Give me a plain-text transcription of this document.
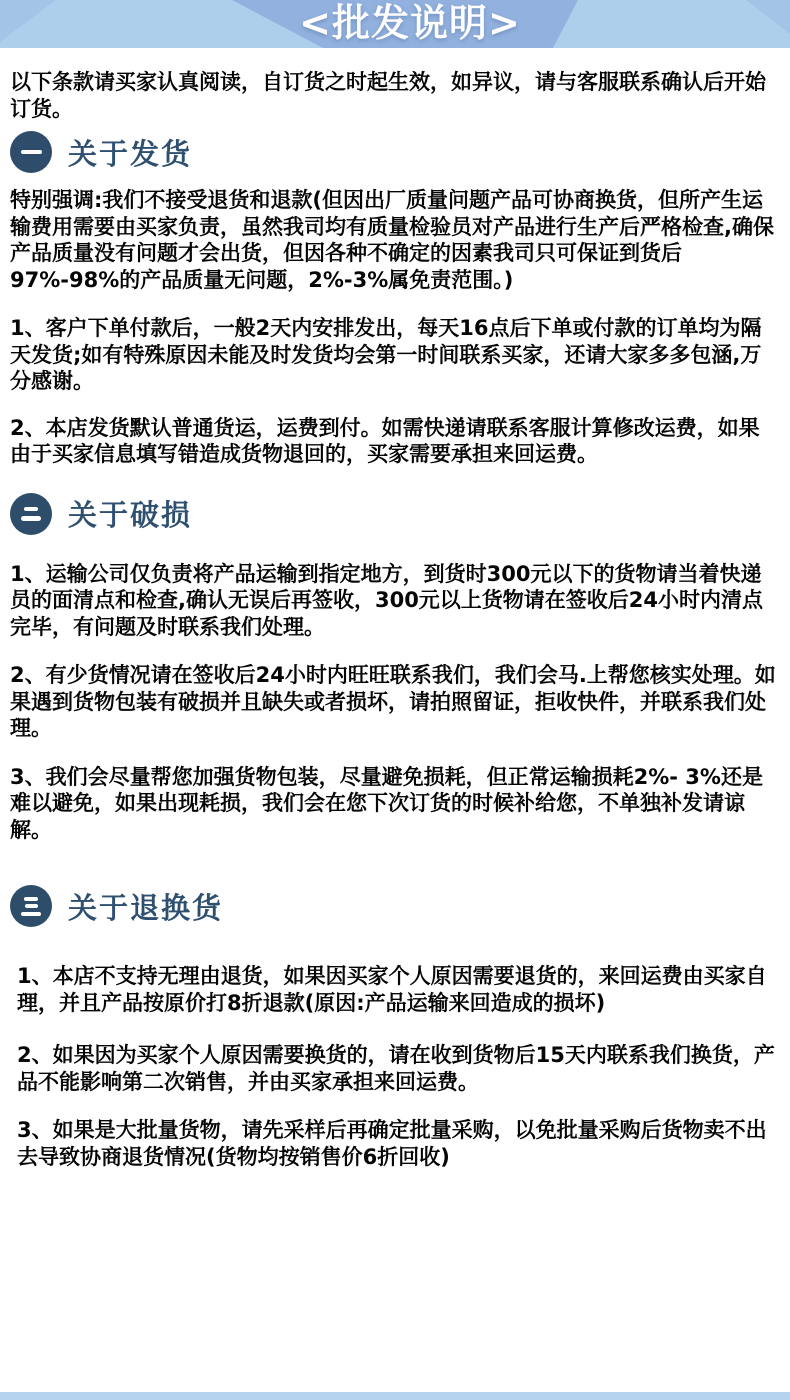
<批发说明>

以下条款请买家认真阅读，自订货之时起生效，如异议，请与客服联系确认后开始订货。

关于发货

特别强调:我们不接受退货和退款(但因出厂质量问题产品可协商换货，但所产生运输费用需要由买家负责，虽然我司均有质量检验员对产品进行生产后严格检查,确保产品质量没有问题才会出货，但因各种不确定的因素我司只可保证到货后97%-98%的产品质量无问题，2%-3%属免责范围。)

1、客户下单付款后，一般2天内安排发出，每天16点后下单或付款的订单均为隔天发货;如有特殊原因未能及时发货均会第一时间联系买家，还请大家多多包涵,万分感谢。

2、本店发货默认普通货运，运费到付。如需快递请联系客服计算修改运费，如果由于买家信息填写错造成货物退回的，买家需要承担来回运费。

关于破损

1、运输公司仅负责将产品运输到指定地方，到货时300元以下的货物请当着快递员的面清点和检查,确认无误后再签收，300元以上货物请在签收后24小时内清点完毕，有问题及时联系我们处理。

2、有少货情况请在签收后24小时内旺旺联系我们，我们会马.上帮您核实处理。如果遇到货物包装有破损并且缺失或者损坏，请拍照留证，拒收快件，并联系我们处理。

3、我们会尽量帮您加强货物包装，尽量避免损耗，但正常运输损耗2%- 3%还是难以避免，如果出现耗损，我们会在您下次订货的时候补给您，不单独补发请谅解。

关于退换货

1、本店不支持无理由退货，如果因买家个人原因需要退货的，来回运费由买家自理，并且产品按原价打8折退款(原因:产品运输来回造成的损坏)

2、如果因为买家个人原因需要换货的，请在收到货物后15天内联系我们换货，产品不能影响第二次销售，并由买家承担来回运费。

3、如果是大批量货物，请先采样后再确定批量采购，以免批量采购后货物卖不出去导致协商退货情况(货物均按销售价6折回收)
